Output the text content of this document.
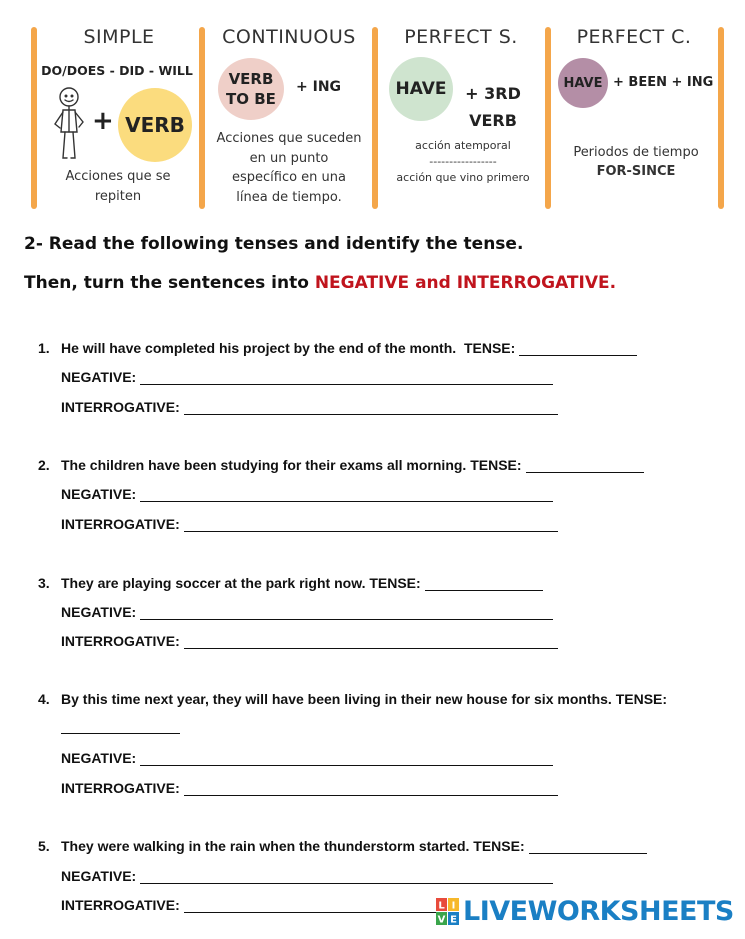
SIMPLE
DO/DOES - DID - WILL
+ VERB
Acciones que se
repiten
CONTINUOUS
VERB
TO BE
+ ING
Acciones que suceden
en un punto
específico en una
línea de tiempo.
PERFECT S.
HAVE + 3RD
VERB
acción atemporal
-----------------
acción que vino primero
PERFECT C.
HAVE + BEEN + ING
Periodos de tiempo
FOR-SINCE
2- Read the following tenses and identify the tense.
Then, turn the sentences into NEGATIVE and INTERROGATIVE.
1. He will have completed his project by the end of the month.
TENSE:
NEGATIVE:
INTERROGATIVE:
2. The children have been studying for their exams all morning.
TENSE:
NEGATIVE:
INTERROGATIVE:
3. They are playing soccer at the park right now.
TENSE:
NEGATIVE:
INTERROGATIVE:
4. By this time next year, they will have been living in their new house for six months.
TENSE:
NEGATIVE:
INTERROGATIVE:
5. They were walking in the rain when the thunderstorm started.
TENSE:
NEGATIVE:
INTERROGATIVE:	L I
V E LIVEWORKSHEETS
